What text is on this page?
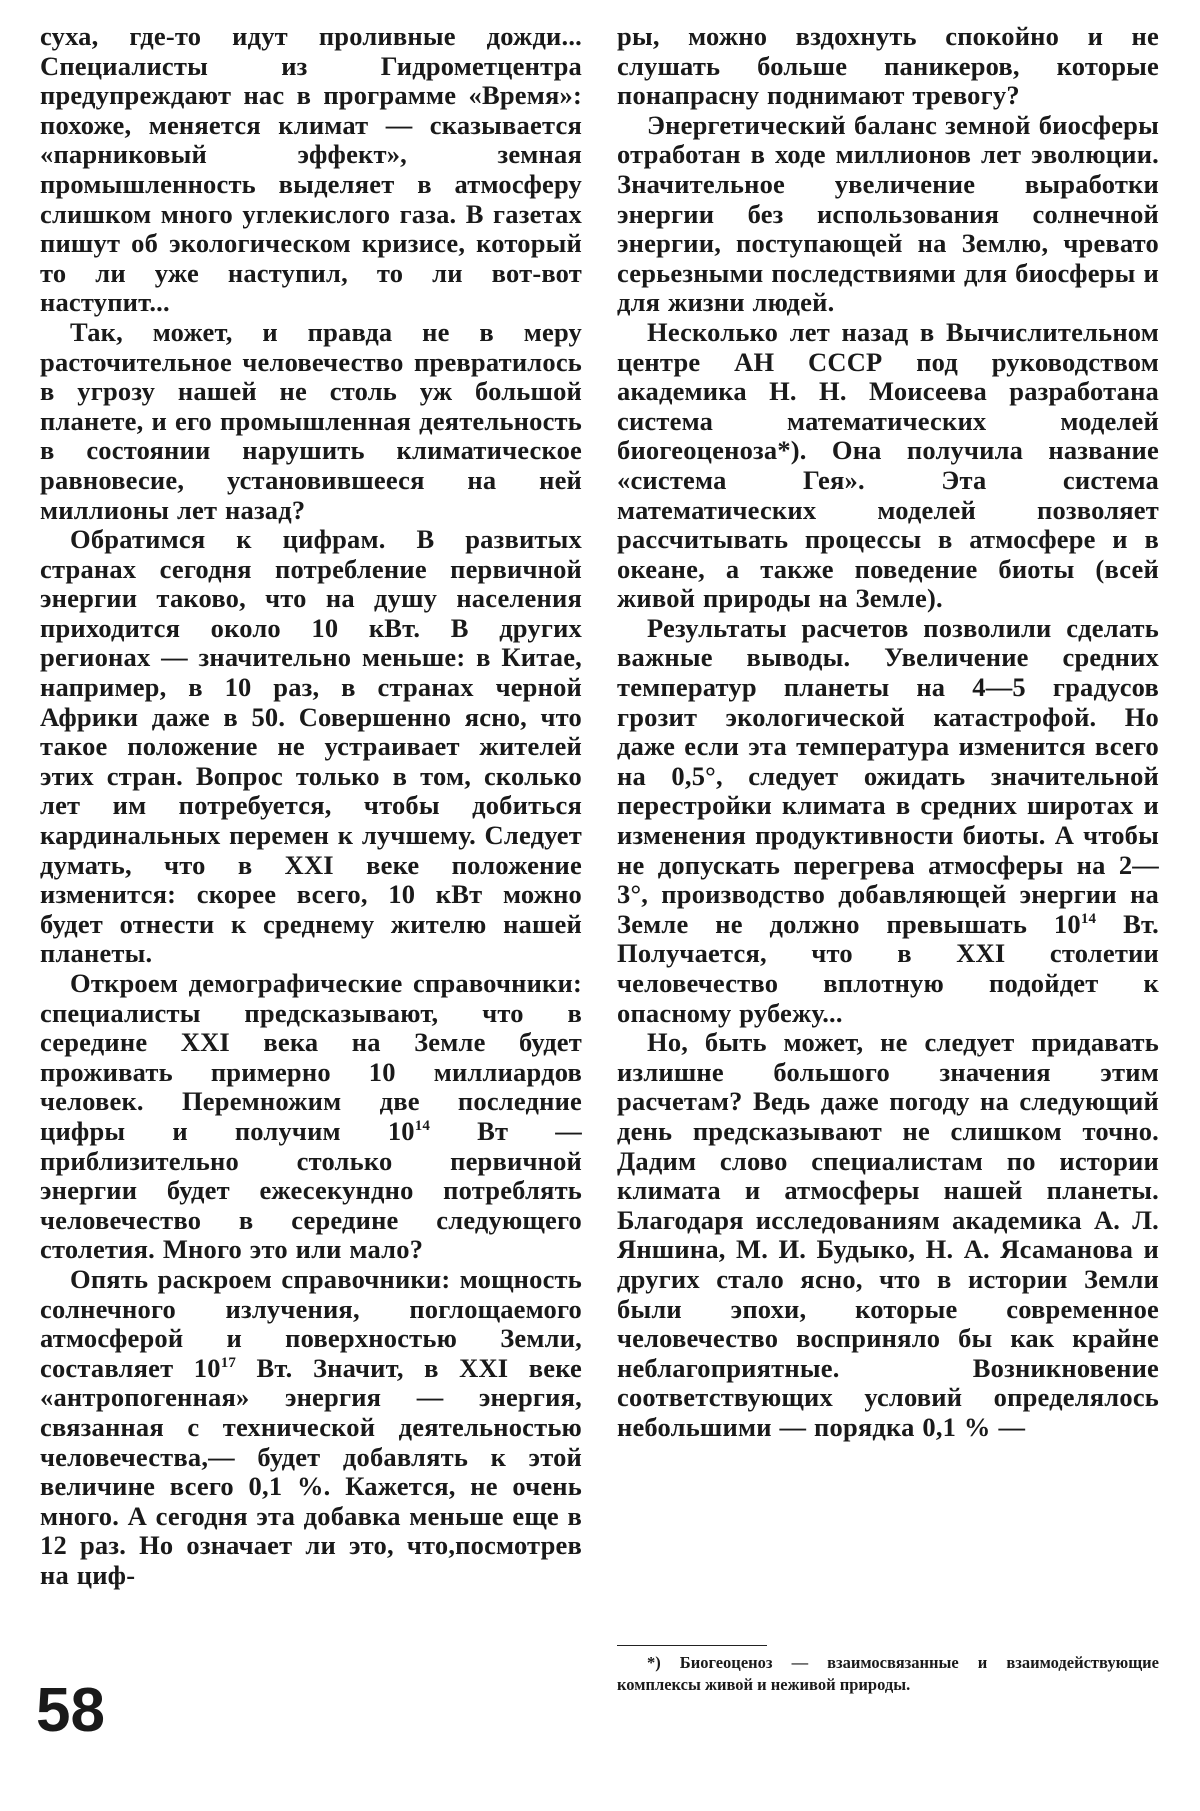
суха, где-то идут проливные дожди... Специалисты из Гидрометцентра предупреждают нас в программе «Время»: похоже, меняется климат — сказывается «парниковый эффект», земная промышленность выделяет в атмосферу слишком много углекислого газа. В газетах пишут об экологическом кризисе, который то ли уже наступил, то ли вот-вот наступит...

Так, может, и правда не в меру расточительное человечество превратилось в угрозу нашей не столь уж большой планете, и его промышленная деятельность в состоянии нарушить климатическое равновесие, установившееся на ней миллионы лет назад?

Обратимся к цифрам. В развитых странах сегодня потребление первичной энергии таково, что на душу населения приходится около 10 кВт. В других регионах — значительно меньше: в Китае, например, в 10 раз, в странах черной Африки даже в 50. Совершенно ясно, что такое положение не устраивает жителей этих стран. Вопрос только в том, сколько лет им потребуется, чтобы добиться кардинальных перемен к лучшему. Следует думать, что в XXI веке положение изменится: скорее всего, 10 кВт можно будет отнести к среднему жителю нашей планеты.

Откроем демографические справочники: специалисты предсказывают, что в середине XXI века на Земле будет проживать примерно 10 миллиардов человек. Перемножим две последние цифры и получим $10^{14}$ Вт — приблизительно столько первичной энергии будет ежесекундно потреблять человечество в середине следующего столетия. Много это или мало?

Опять раскроем справочники: мощность солнечного излучения, поглощаемого атмосферой и поверхностью Земли, составляет $10^{17}$ Вт. Значит, в XXI веке «антропогенная» энергия — энергия, связанная с технической деятельностью человечества,— будет добавлять к этой величине всего 0,1 %. Кажется, не очень много. А сегодня эта добавка меньше еще в 12 раз. Но означает ли это, что,посмотрев на циф-

ры, можно вздохнуть спокойно и не слушать больше паникеров, которые понапрасну поднимают тревогу?

Энергетический баланс земной биосферы отработан в ходе миллионов лет эволюции. Значительное увеличение выработки энергии без использования солнечной энергии, поступающей на Землю, чревато серьезными последствиями для биосферы и для жизни людей.

Несколько лет назад в Вычислительном центре АН СССР под руководством академика Н. Н. Моисеева разработана система математических моделей биогеоценоза*). Она получила название «система Гея». Эта система математических моделей позволяет рассчитывать процессы в атмосфере и в океане, а также поведение биоты (всей живой природы на Земле).

Результаты расчетов позволили сделать важные выводы. Увеличение средних температур планеты на 4—5 градусов грозит экологической катастрофой. Но даже если эта температура изменится всего на 0,5°, следует ожидать значительной перестройки климата в средних широтах и изменения продуктивности биоты. А чтобы не допускать перегрева атмосферы на 2—3°, производство добавляющей энергии на Земле не должно превышать $10^{14}$ Вт. Получается, что в XXI столетии человечество вплотную подойдет к опасному рубежу...

Но, быть может, не следует придавать излишне большого значения этим расчетам? Ведь даже погоду на следующий день предсказывают не слишком точно. Дадим слово специалистам по истории климата и атмосферы нашей планеты. Благодаря исследованиям академика А. Л. Яншина, М. И. Будыко, Н. А. Ясаманова и других стало ясно, что в истории Земли были эпохи, которые современное человечество восприняло бы как крайне неблагоприятные. Возникновение соответствующих условий определялось небольшими — порядка 0,1 % —

*) Биогеоценоз — взаимосвязанные и взаимодействующие комплексы живой и неживой природы.

58
